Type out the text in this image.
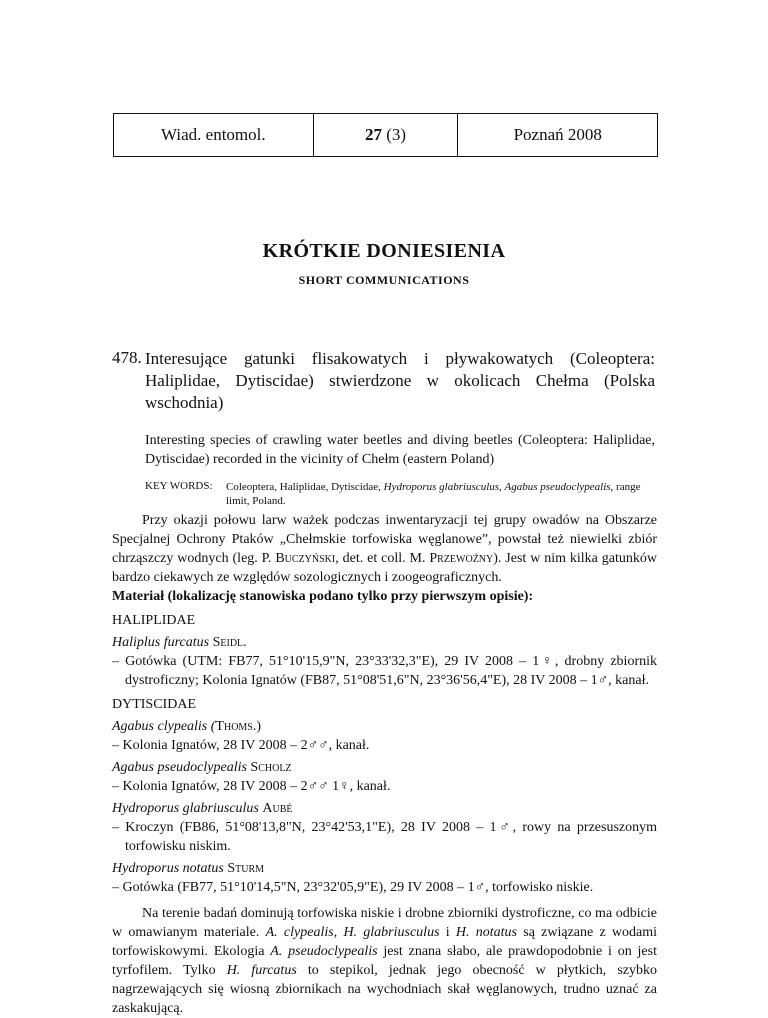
Wiad. entomol.	27 (3)	Poznań 2008
KRÓTKIE DONIESIENIA
SHORT COMMUNICATIONS
478. Interesujące gatunki flisakowatych i pływakowatych (Coleoptera: Haliplidae, Dytiscidae) stwierdzone w okolicach Chełma (Polska wschodnia)
Interesting species of crawling water beetles and diving beetles (Coleoptera: Haliplidae, Dytiscidae) recorded in the vicinity of Chełm (eastern Poland)
KEY WORDS: Coleoptera, Haliplidae, Dytiscidae, Hydroporus glabriusculus, Agabus pseudoclypealis, range limit, Poland.

Przy okazji połowu larw ważek podczas inwentaryzacji tej grupy owadów na Obszarze Specjalnej Ochrony Ptaków „Chełmskie torfowiska węglanowe”, powstał też niewielki zbiór chrząszczy wodnych (leg. P. Buczyński, det. et coll. M. Przewoźny). Jest w nim kilka gatunków bardzo ciekawych ze względów sozologicznych i zoogeograficznych.

Materiał (lokalizację stanowiska podano tylko przy pierwszym opisie):

HALIPLIDAE

Haliplus furcatus Seidl.

– Gotówka (UTM: FB77, 51°10'15,9"N, 23°33'32,3"E), 29 IV 2008 – 1♀, drobny zbiornik dystroficzny; Kolonia Ignatów (FB87, 51°08'51,6"N, 23°36'56,4"E), 28 IV 2008 – 1♂, kanał.

DYTISCIDAE

Agabus clypealis (Thoms.)

– Kolonia Ignatów, 28 IV 2008 – 2♂♂, kanał.

Agabus pseudoclypealis Scholz

– Kolonia Ignatów, 28 IV 2008 – 2♂♂ 1♀, kanał.

Hydroporus glabriusculus Aubé

– Kroczyn (FB86, 51°08'13,8"N, 23°42'53,1"E), 28 IV 2008 – 1♂, rowy na przesuszonym torfowisku niskim.

Hydroporus notatus Sturm

– Gotówka (FB77, 51°10'14,5"N, 23°32'05,9"E), 29 IV 2008 – 1♂, torfowisko niskie.

Na terenie badań dominują torfowiska niskie i drobne zbiorniki dystroficzne, co ma odbicie w omawianym materiale. A. clypealis, H. glabriusculus i H. notatus są związane z wodami torfowiskowymi. Ekologia A. pseudoclypealis jest znana słabo, ale prawdopodobnie i on jest tyrfofilem. Tylko H. furcatus to stepikol, jednak jego obecność w płytkich, szybko nagrzewających się wiosną zbiornikach na wychodniach skał węglanowych, trudno uznać za zaskakującą.
